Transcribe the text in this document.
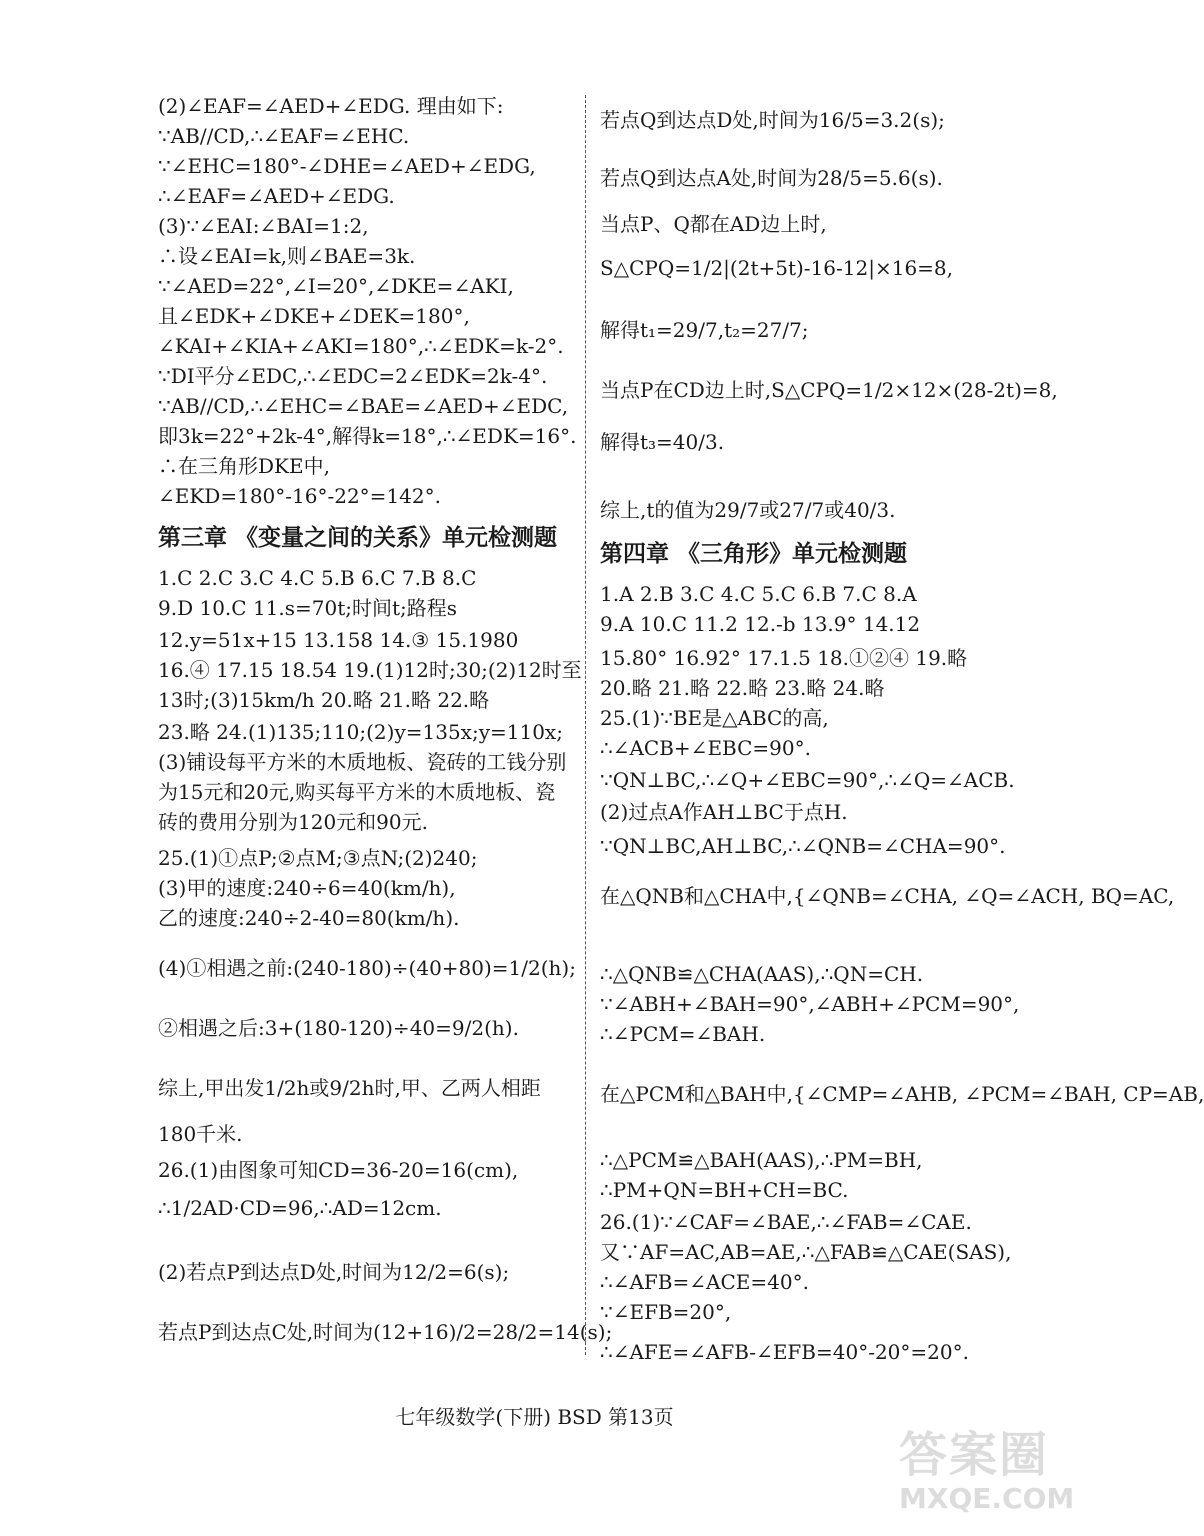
(2)∠EAF=∠AED+∠EDG. 理由如下:
∵AB//CD,∴∠EAF=∠EHC.
∵∠EHC=180°-∠DHE=∠AED+∠EDG,
∴∠EAF=∠AED+∠EDG.
(3)∵∠EAI:∠BAI=1:2,
∴设∠EAI=k,则∠BAE=3k.
∵∠AED=22°,∠I=20°,∠DKE=∠AKI,
且∠EDK+∠DKE+∠DEK=180°,
∠KAI+∠KIA+∠AKI=180°,∴∠EDK=k-2°.
∵DI平分∠EDC,∴∠EDC=2∠EDK=2k-4°.
∵AB//CD,∴∠EHC=∠BAE=∠AED+∠EDC,
即3k=22°+2k-4°,解得k=18°,∴∠EDK=16°.
∴在三角形DKE中,
∠EKD=180°-16°-22°=142°.
第三章 《变量之间的关系》单元检测题
1.C 2.C 3.C 4.C 5.B 6.C 7.B 8.C
9.D 10.C 11.s=70t;时间t;路程s
12.y=51x+15 13.158 14.③ 15.1980
16.④ 17.15 18.54 19.(1)12时;30;(2)12时至
13时;(3)15km/h 20.略 21.略 22.略
23.略 24.(1)135;110;(2)y=135x;y=110x;
(3)铺设每平方米的木质地板、瓷砖的工钱分别
为15元和20元,购买每平方米的木质地板、瓷
砖的费用分别为120元和90元.
25.(1)①点P;②点M;③点N;(2)240;
(3)甲的速度:240÷6=40(km/h),
乙的速度:240÷2-40=80(km/h).
(4)①相遇之前:(240-180)÷(40+80)=1/2(h);
②相遇之后:3+(180-120)÷40=9/2(h).
综上,甲出发1/2h或9/2h时,甲、乙两人相距
180千米.
26.(1)由图象可知CD=36-20=16(cm),
∴1/2AD·CD=96,∴AD=12cm.
(2)若点P到达点D处,时间为12/2=6(s);
若点P到达点C处,时间为(12+16)/2=28/2=14(s);
若点Q到达点D处,时间为16/5=3.2(s);
若点Q到达点A处,时间为28/5=5.6(s).
当点P、Q都在AD边上时,
S△CPQ=1/2|(2t+5t)-16-12|×16=8,
解得t₁=29/7,t₂=27/7;
当点P在CD边上时,S△CPQ=1/2×12×(28-2t)=8,
解得t₃=40/3.
综上,t的值为29/7或27/7或40/3.
第四章 《三角形》单元检测题
1.A 2.B 3.C 4.C 5.C 6.B 7.C 8.A
9.A 10.C 11.2 12.-b 13.9° 14.12
15.80° 16.92° 17.1.5 18.①②④ 19.略
20.略 21.略 22.略 23.略 24.略
25.(1)∵BE是△ABC的高,
∴∠ACB+∠EBC=90°.
∵QN⊥BC,∴∠Q+∠EBC=90°,∴∠Q=∠ACB.
(2)过点A作AH⊥BC于点H.
∵QN⊥BC,AH⊥BC,∴∠QNB=∠CHA=90°.
在△QNB和△CHA中,{∠QNB=∠CHA, ∠Q=∠ACH, BQ=AC,
∴△QNB≌△CHA(AAS),∴QN=CH.
∵∠ABH+∠BAH=90°,∠ABH+∠PCM=90°,
∴∠PCM=∠BAH.
在△PCM和△BAH中,{∠CMP=∠AHB, ∠PCM=∠BAH, CP=AB,
∴△PCM≌△BAH(AAS),∴PM=BH,
∴PM+QN=BH+CH=BC.
26.(1)∵∠CAF=∠BAE,∴∠FAB=∠CAE.
又∵AF=AC,AB=AE,∴△FAB≌△CAE(SAS),
∴∠AFB=∠ACE=40°.
∵∠EFB=20°,
∴∠AFE=∠AFB-∠EFB=40°-20°=20°.
七年级数学(下册) BSD 第13页
答案圈
MXQE.COM
